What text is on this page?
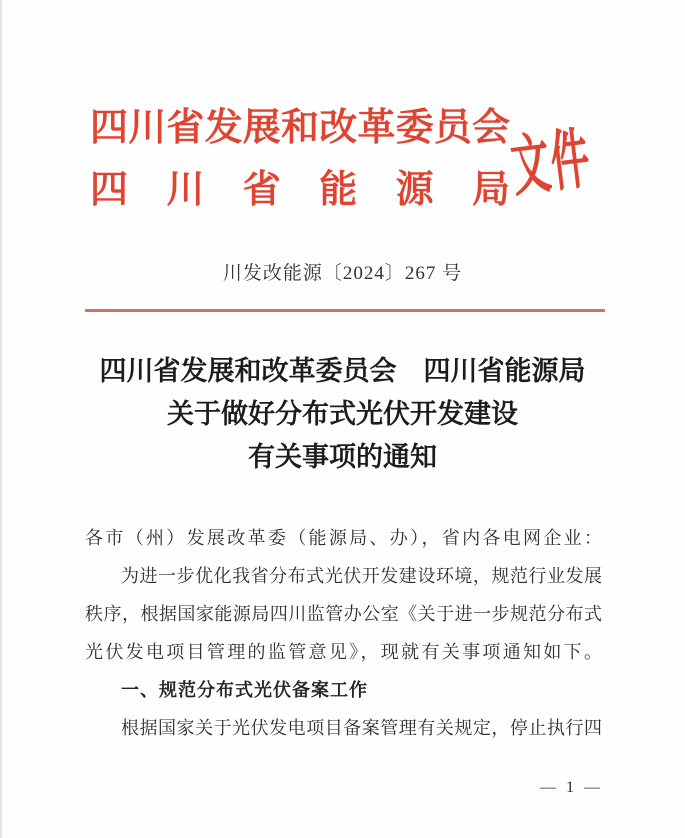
四川省发展和改革委员会
四川省能源局
文件
川发改能源〔2024〕267 号
四川省发展和改革委员会　四川省能源局
关于做好分布式光伏开发建设
有关事项的通知
各市（州）发展改革委（能源局、办），省内各电网企业：
为进一步优化我省分布式光伏开发建设环境，规范行业发展
秩序，根据国家能源局四川监管办公室《关于进一步规范分布式
光伏发电项目管理的监管意见》，现就有关事项通知如下。
一、规范分布式光伏备案工作
根据国家关于光伏发电项目备案管理有关规定，停止执行四
— 1 —
